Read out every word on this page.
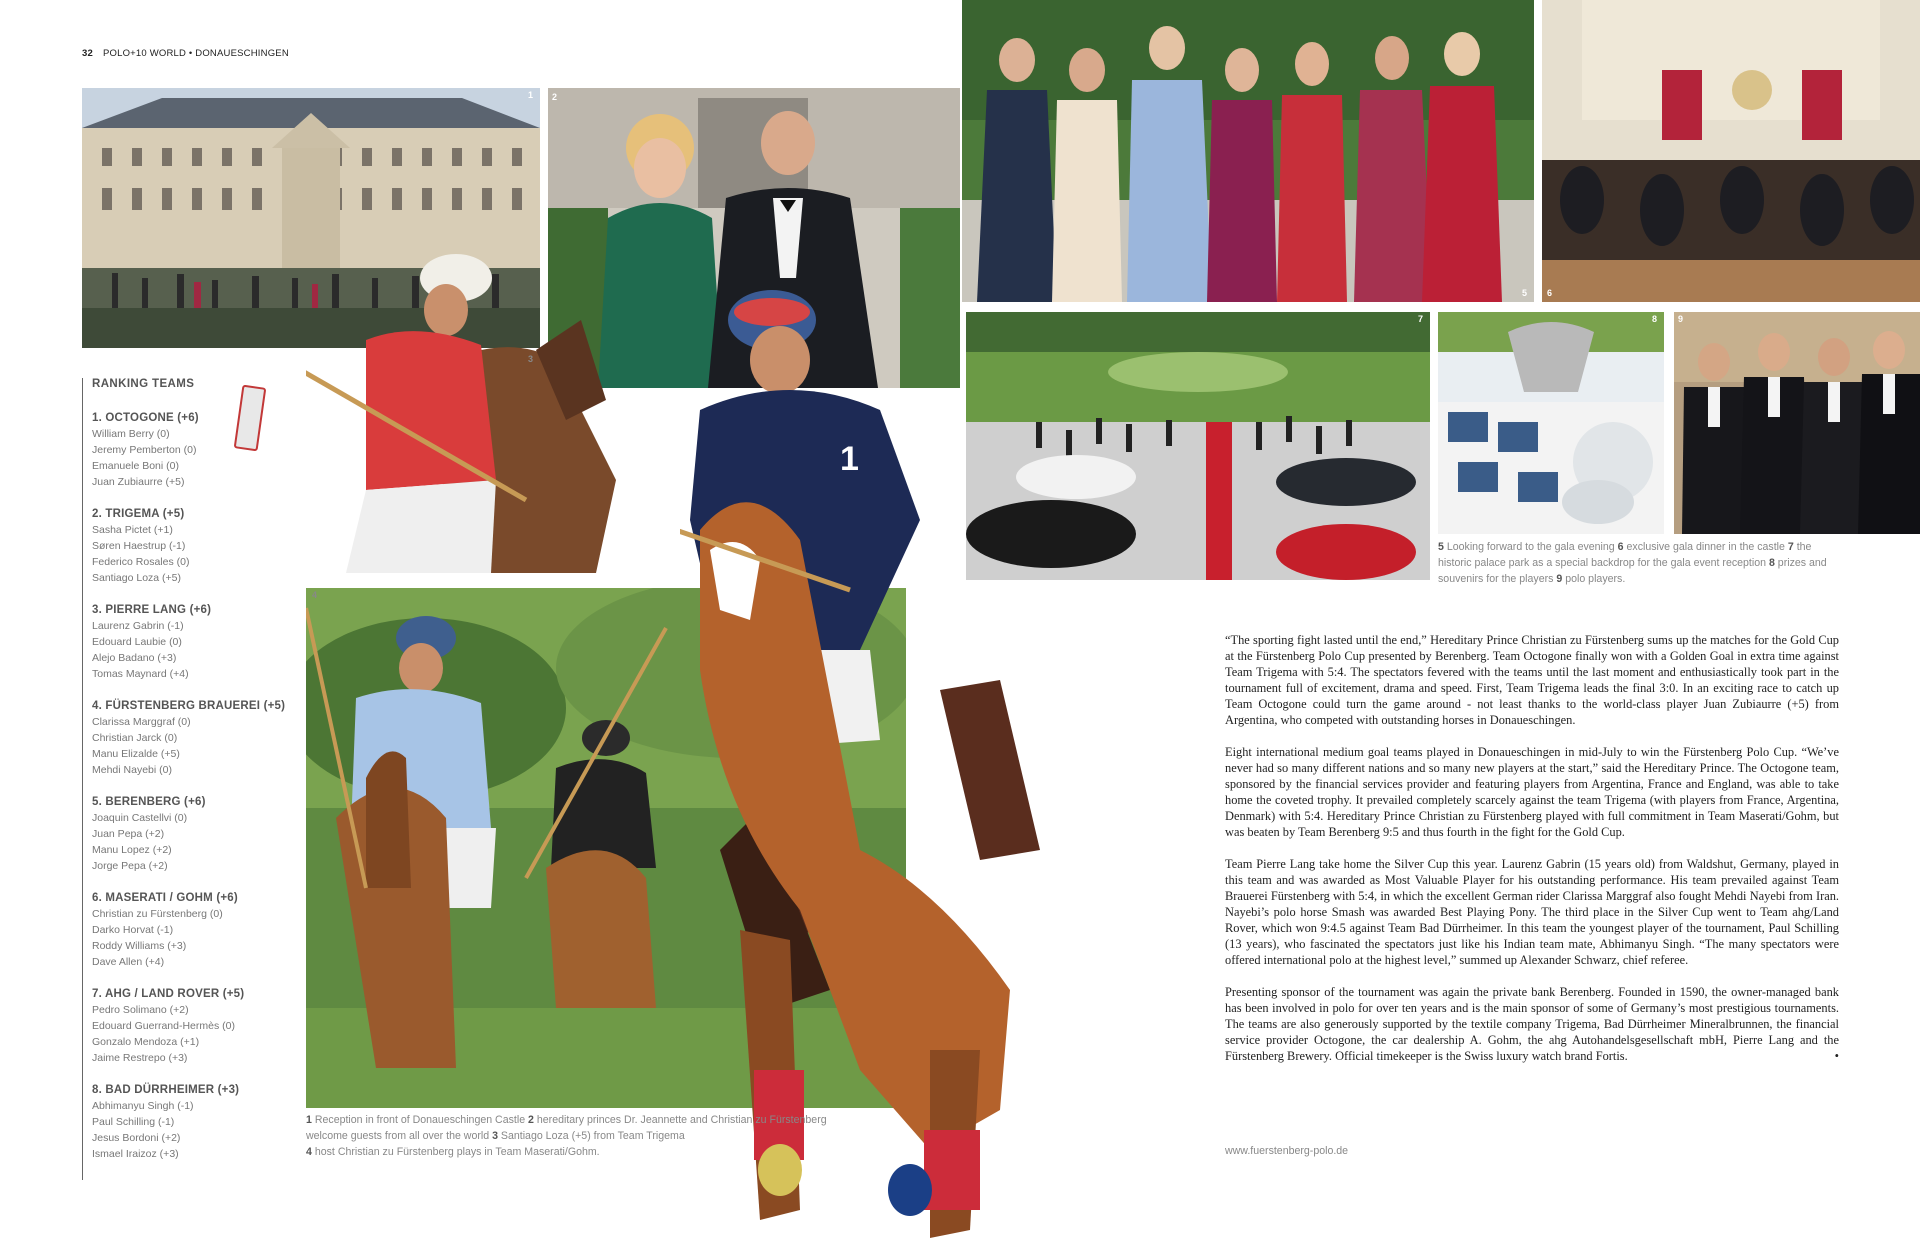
32 POLO+10 WORLD • DONAUESCHINGEN
1 2
3
4
1
5 6
7	8 9
5 Looking forward to the gala evening 6 exclusive gala dinner in the castle 7 the historic palace park as a special backdrop for the gala event reception 8 prizes and souvenirs for the players 9 polo players.
RANKING TEAMS
1. OCTOGONE (+6)
William Berry (0)
Jeremy Pemberton (0)
Emanuele Boni (0)
Juan Zubiaurre (+5)
2. TRIGEMA (+5)
Sasha Pictet (+1)
Søren Haestrup (-1)
Federico Rosales (0)
Santiago Loza (+5)
3. PIERRE LANG (+6)
Laurenz Gabrin (-1)
Edouard Laubie (0)
Alejo Badano (+3)
Tomas Maynard (+4)
4. FÜRSTENBERG BRAUEREI (+5)
Clarissa Marggraf (0)
Christian Jarck (0)
Manu Elizalde (+5)
Mehdi Nayebi (0)
5. BERENBERG (+6)
Joaquin Castellvi (0)
Juan Pepa (+2)
Manu Lopez (+2)
Jorge Pepa (+2)
6. MASERATI / GOHM (+6)
Christian zu Fürstenberg (0)
Darko Horvat (-1)
Roddy Williams (+3)
Dave Allen (+4)
7. AHG / LAND ROVER (+5)
Pedro Solimano (+2)
Edouard Guerrand-Hermès (0)
Gonzalo Mendoza (+1)
Jaime Restrepo (+3)
8. BAD DÜRRHEIMER (+3)
Abhimanyu Singh (-1)
Paul Schilling (-1)
Jesus Bordoni (+2)
Ismael Iraizoz (+3)
1 Reception in front of Donaueschingen Castle 2 hereditary princes Dr. Jeannette and Christian zu Fürstenberg welcome guests from all over the world 3 Santiago Loza (+5) from Team Trigema
4 host Christian zu Fürstenberg plays in Team Maserati/Gohm.

“The sporting fight lasted until the end,” Hereditary Prince Christian zu Fürstenberg sums up the matches for the Gold Cup at the Fürstenberg Polo Cup presented by Berenberg. Team Octogone finally won with a Golden Goal in extra time against Team Trigema with 5:4. The spectators fevered with the teams until the last moment and enthusiastically took part in the tournament full of excitement, drama and speed. First, Team Trigema leads the final 3:0. In an exciting race to catch up Team Octogone could turn the game around - not least thanks to the world-class player Juan Zubiaurre (+5) from Argentina, who competed with outstanding horses in Donaueschingen.

Eight international medium goal teams played in Donaueschingen in mid-July to win the Fürstenberg Polo Cup. “We’ve never had so many different nations and so many new players at the start,” said the Hereditary Prince. The Octogone team, sponsored by the financial services provider and featuring players from Argentina, France and England, was able to take home the coveted trophy. It prevailed completely scarcely against the team Trigema (with players from France, Argentina, Denmark) with 5:4. Hereditary Prince Christian zu Fürstenberg played with full commitment in Team Maserati/Gohm, but was beaten by Team Berenberg 9:5 and thus fourth in the fight for the Gold Cup.

Team Pierre Lang take home the Silver Cup this year. Laurenz Gabrin (15 years old) from Waldshut, Germany, played in this team and was awarded as Most Valuable Player for his outstanding performance. His team prevailed against Team Brauerei Fürstenberg with 5:4, in which the excellent German rider Clarissa Marggraf also fought Mehdi Nayebi from Iran. Nayebi’s polo horse Smash was awarded Best Playing Pony. The third place in the Silver Cup went to Team ahg/Land Rover, which won 9:4.5 against Team Bad Dürrheimer. In this team the youngest player of the tournament, Paul Schilling (13 years), who fascinated the spectators just like his Indian team mate, Abhimanyu Singh. “The many spectators were offered international polo at the highest level,” summed up Alexander Schwarz, chief referee.

Presenting sponsor of the tournament was again the private bank Berenberg. Founded in 1590, the owner-managed bank has been involved in polo for over ten years and is the main sponsor of some of Germany’s most prestigious tournaments. The teams are also generously supported by the textile company Trigema, Bad Dürrheimer Mineralbrunnen, the financial service provider Octogone, the car dealership A. Gohm, the ahg Autohandelsgesellschaft mbH, Pierre Lang and the Fürstenberg Brewery. Official timekeeper is the Swiss luxury watch brand Fortis.	•

www.fuerstenberg-polo.de
